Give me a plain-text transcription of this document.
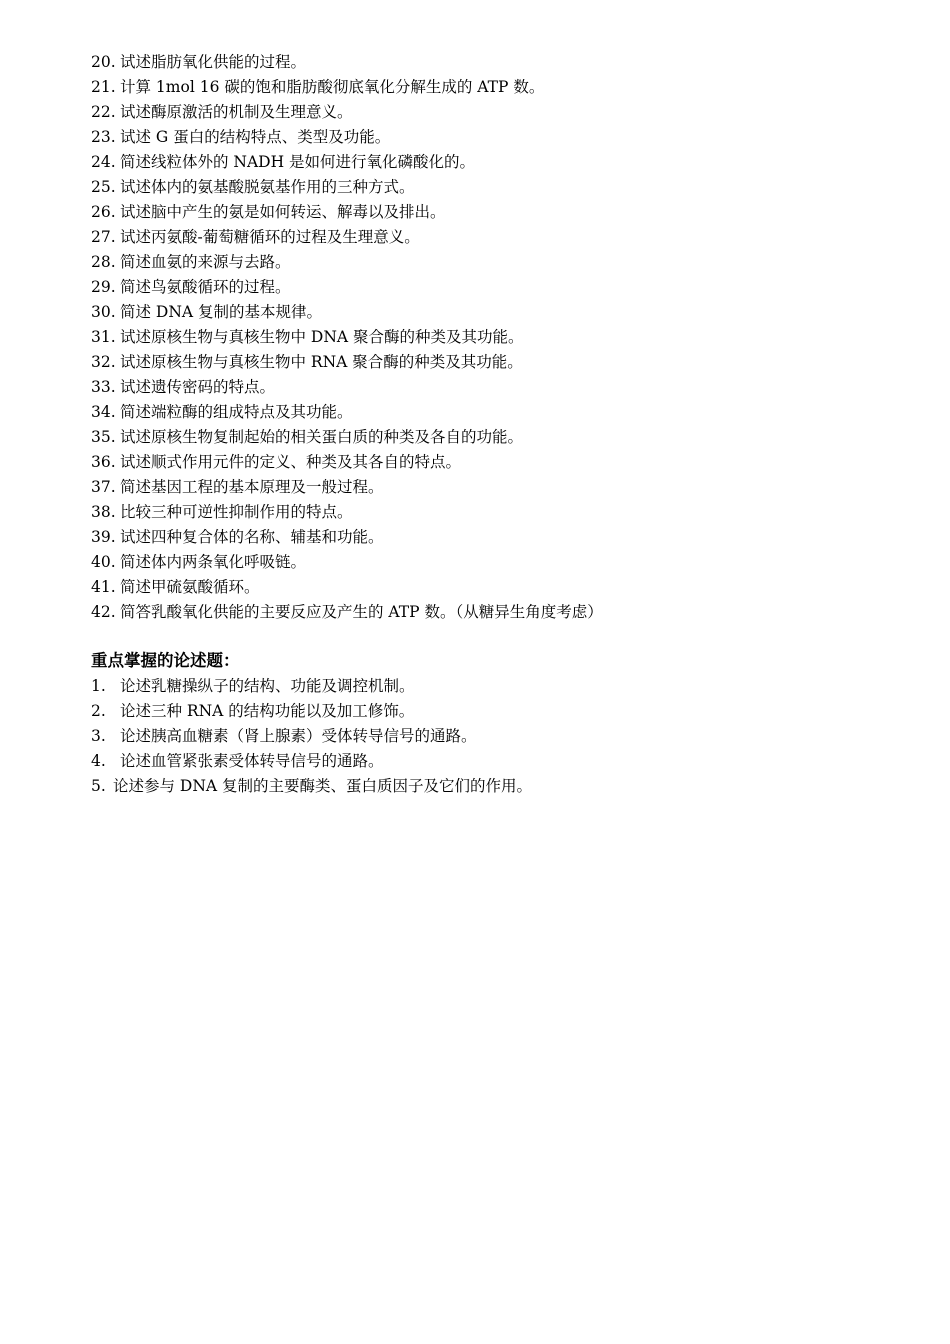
20. 试述脂肪氧化供能的过程。
21. 计算 1mol 16 碳的饱和脂肪酸彻底氧化分解生成的 ATP 数。
22. 试述酶原激活的机制及生理意义。
23. 试述 G 蛋白的结构特点、类型及功能。
24. 简述线粒体外的 NADH 是如何进行氧化磷酸化的。
25. 试述体内的氨基酸脱氨基作用的三种方式。
26. 试述脑中产生的氨是如何转运、解毒以及排出。
27. 试述丙氨酸-葡萄糖循环的过程及生理意义。
28. 简述血氨的来源与去路。
29. 简述鸟氨酸循环的过程。
30. 简述 DNA 复制的基本规律。
31. 试述原核生物与真核生物中 DNA 聚合酶的种类及其功能。
32. 试述原核生物与真核生物中 RNA 聚合酶的种类及其功能。
33. 试述遗传密码的特点。
34. 简述端粒酶的组成特点及其功能。
35. 试述原核生物复制起始的相关蛋白质的种类及各自的功能。
36. 试述顺式作用元件的定义、种类及其各自的特点。
37. 简述基因工程的基本原理及一般过程。
38. 比较三种可逆性抑制作用的特点。
39. 试述四种复合体的名称、辅基和功能。
40. 简述体内两条氧化呼吸链。
41. 简述甲硫氨酸循环。
42. 简答乳酸氧化供能的主要反应及产生的 ATP 数。（从糖异生角度考虑）
重点掌握的论述题：
1. 论述乳糖操纵子的结构、功能及调控机制。
2. 论述三种 RNA 的结构功能以及加工修饰。
3. 论述胰高血糖素（肾上腺素）受体转导信号的通路。
4. 论述血管紧张素受体转导信号的通路。
5. 论述参与 DNA 复制的主要酶类、蛋白质因子及它们的作用。
